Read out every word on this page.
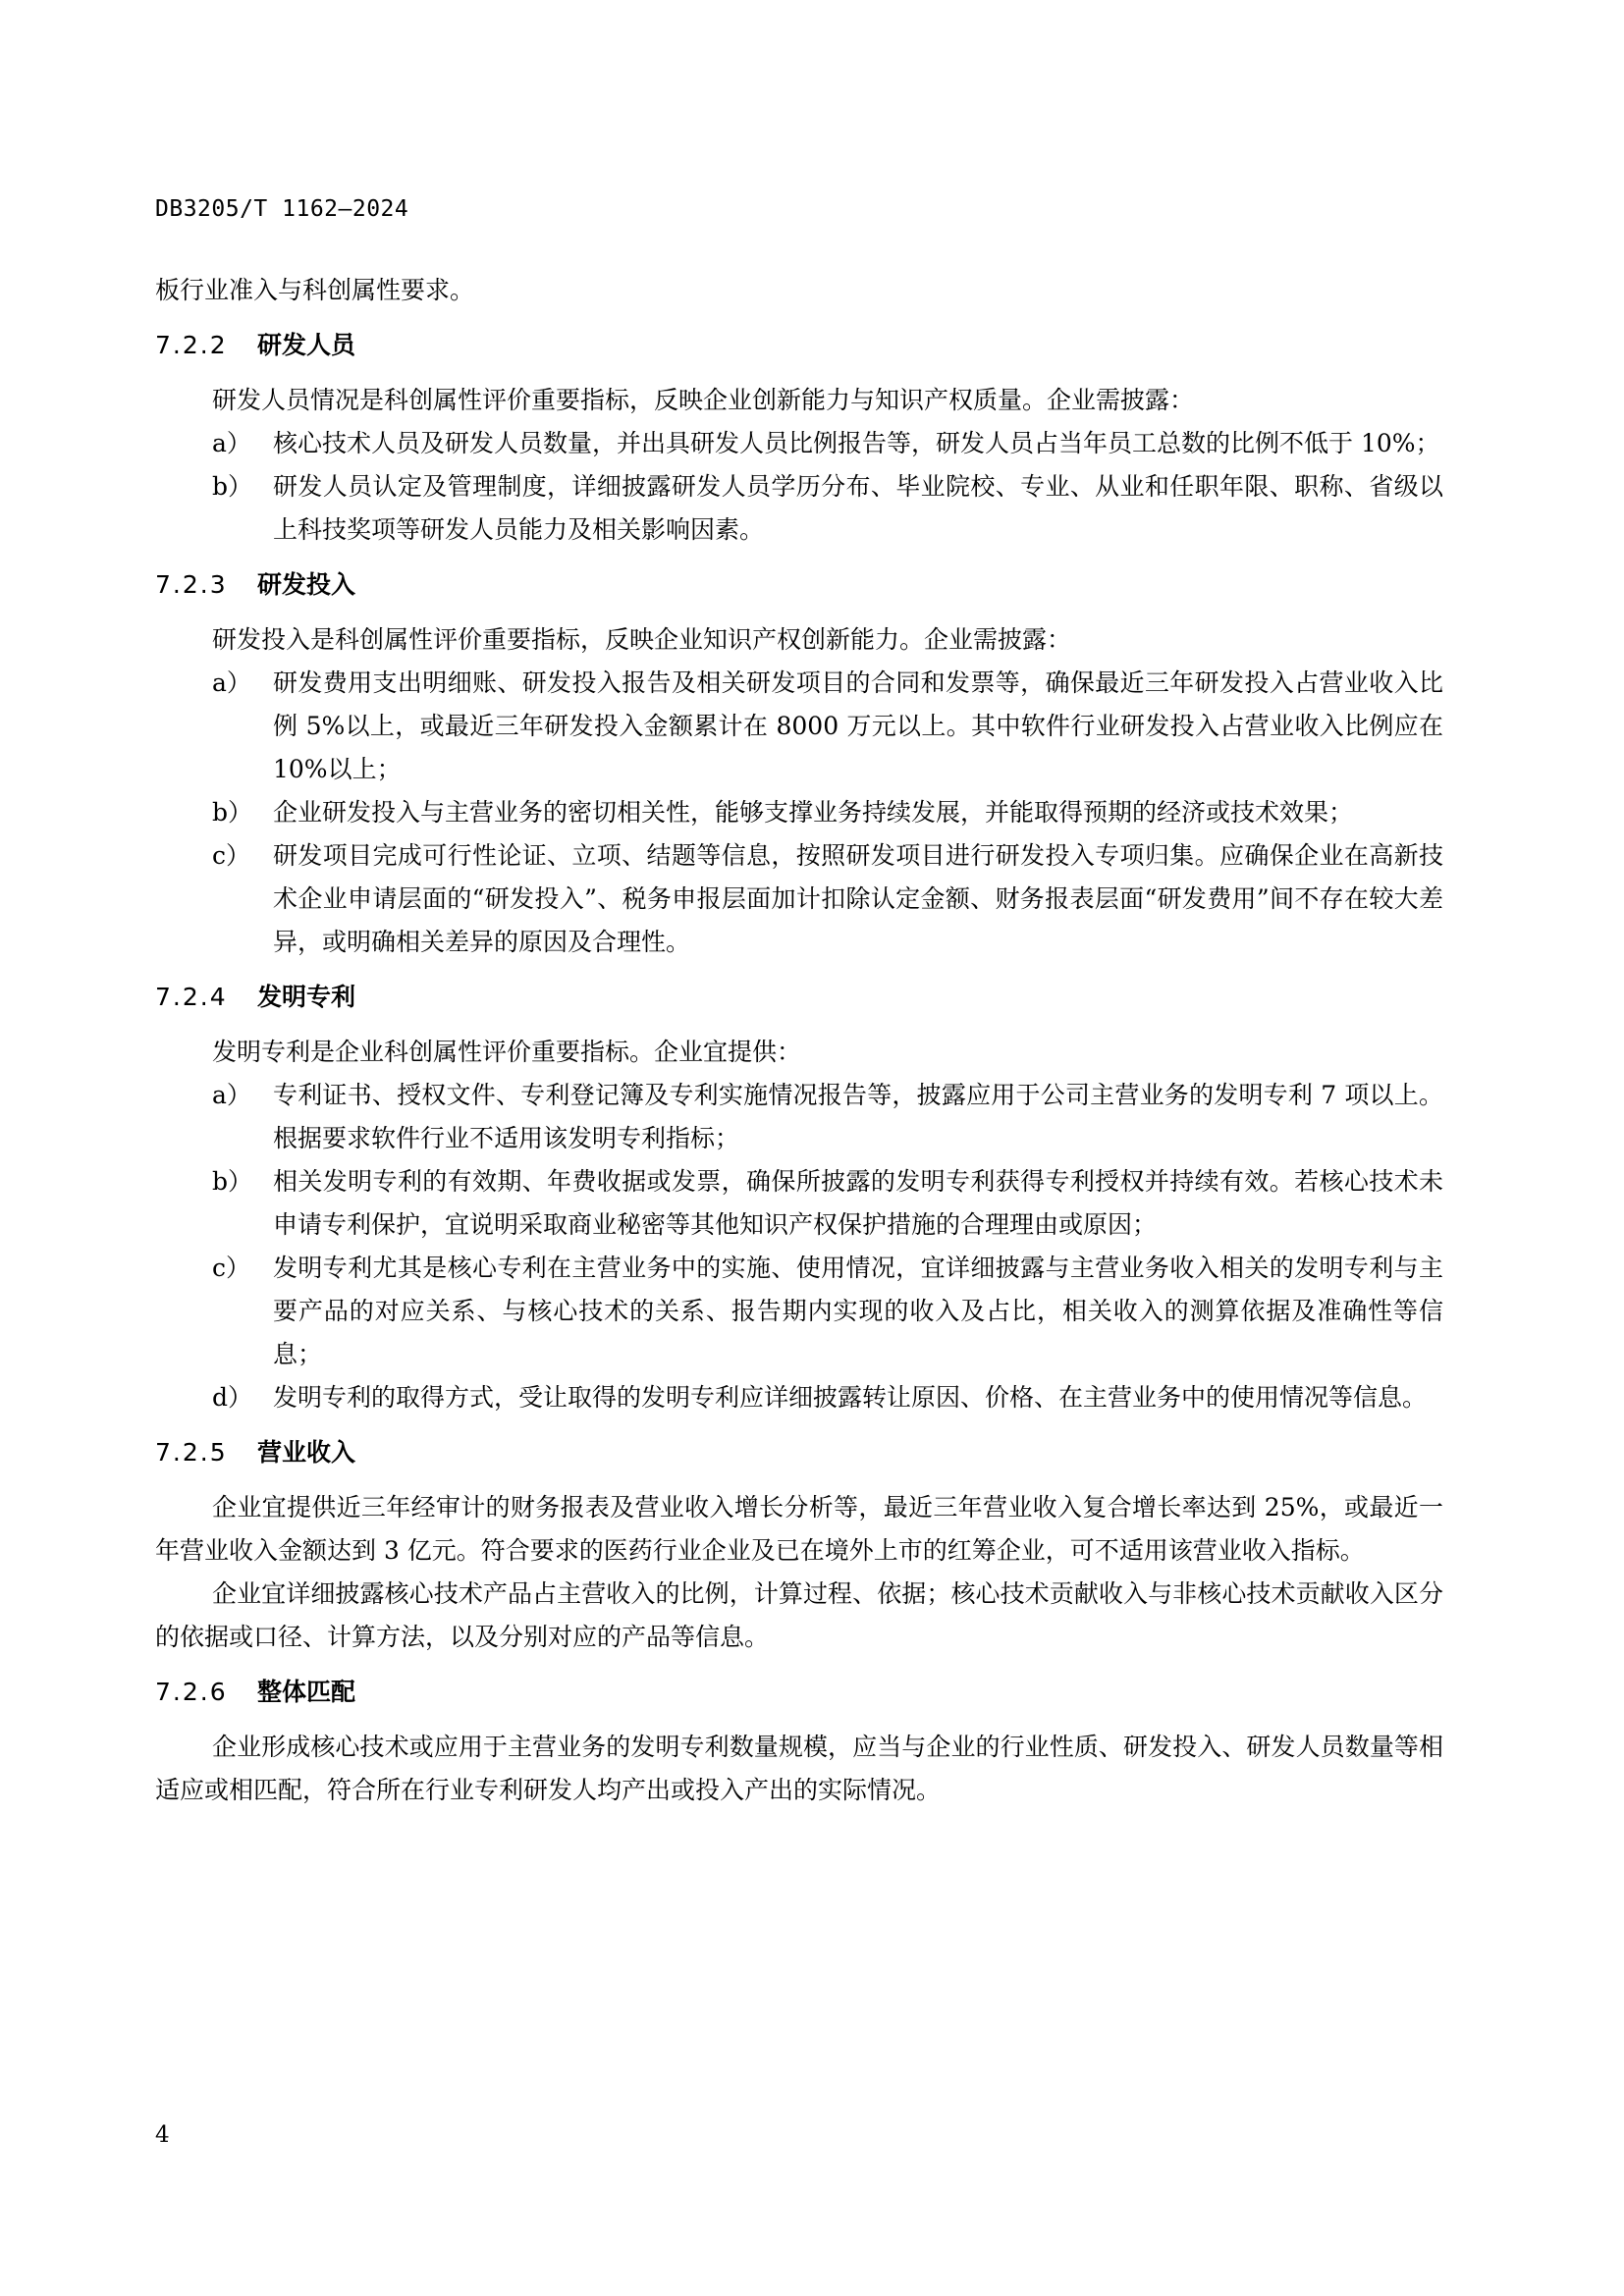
DB3205/T 1162—2024

板行业准入与科创属性要求。

7.2.2	研发人员

研发人员情况是科创属性评价重要指标，反映企业创新能力与知识产权质量。企业需披露：

a） 核心技术人员及研发人员数量，并出具研发人员比例报告等，研发人员占当年员工总数的比例不低于 10%；
b） 研发人员认定及管理制度，详细披露研发人员学历分布、毕业院校、专业、从业和任职年限、职称、省级以上科技奖项等研发人员能力及相关影响因素。
7.2.3	研发投入

研发投入是科创属性评价重要指标，反映企业知识产权创新能力。企业需披露：

a） 研发费用支出明细账、研发投入报告及相关研发项目的合同和发票等，确保最近三年研发投入占营业收入比例 5%以上，或最近三年研发投入金额累计在 8000 万元以上。其中软件行业研发投入占营业收入比例应在 10%以上；
b） 企业研发投入与主营业务的密切相关性，能够支撑业务持续发展，并能取得预期的经济或技术效果；
c） 研发项目完成可行性论证、立项、结题等信息，按照研发项目进行研发投入专项归集。应确保企业在高新技术企业申请层面的“研发投入”、税务申报层面加计扣除认定金额、财务报表层面“研发费用”间不存在较大差异，或明确相关差异的原因及合理性。
7.2.4	发明专利

发明专利是企业科创属性评价重要指标。企业宜提供：

a） 专利证书、授权文件、专利登记簿及专利实施情况报告等，披露应用于公司主营业务的发明专利 7 项以上。根据要求软件行业不适用该发明专利指标；
b） 相关发明专利的有效期、年费收据或发票，确保所披露的发明专利获得专利授权并持续有效。若核心技术未申请专利保护，宜说明采取商业秘密等其他知识产权保护措施的合理理由或原因；
c） 发明专利尤其是核心专利在主营业务中的实施、使用情况，宜详细披露与主营业务收入相关的发明专利与主要产品的对应关系、与核心技术的关系、报告期内实现的收入及占比，相关收入的测算依据及准确性等信息；
d） 发明专利的取得方式，受让取得的发明专利应详细披露转让原因、价格、在主营业务中的使用情况等信息。
7.2.5	营业收入

企业宜提供近三年经审计的财务报表及营业收入增长分析等，最近三年营业收入复合增长率达到 25%，或最近一年营业收入金额达到 3 亿元。符合要求的医药行业企业及已在境外上市的红筹企业，可不适用该营业收入指标。

企业宜详细披露核心技术产品占主营收入的比例，计算过程、依据；核心技术贡献收入与非核心技术贡献收入区分的依据或口径、计算方法，以及分别对应的产品等信息。

7.2.6	整体匹配

企业形成核心技术或应用于主营业务的发明专利数量规模，应当与企业的行业性质、研发投入、研发人员数量等相适应或相匹配，符合所在行业专利研发人均产出或投入产出的实际情况。

4
